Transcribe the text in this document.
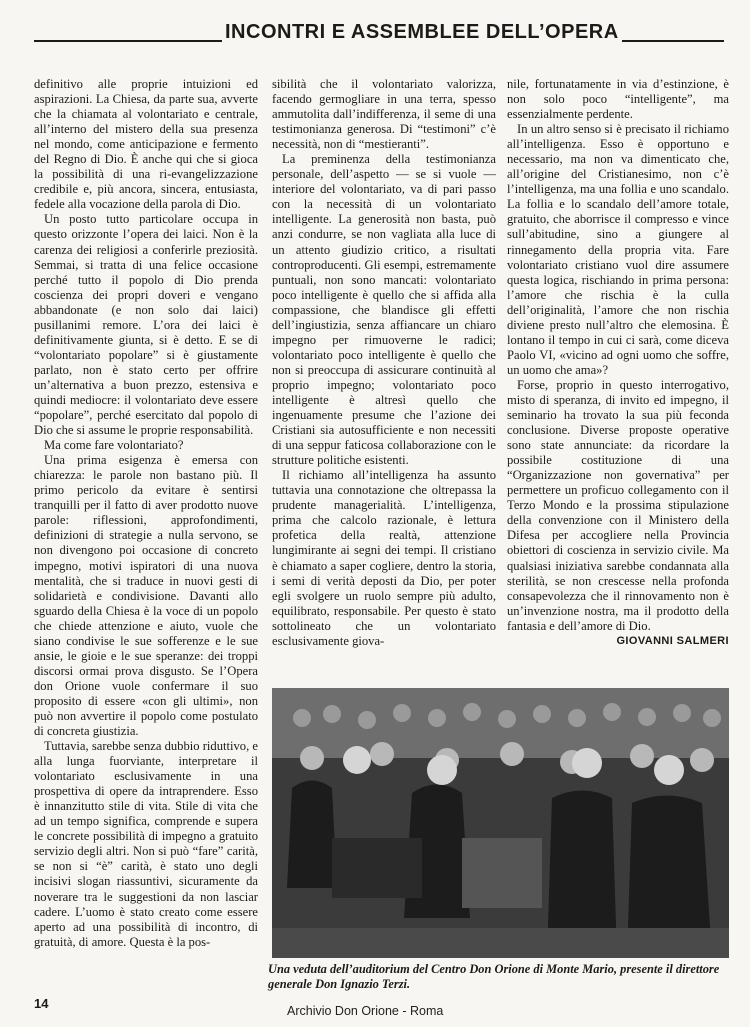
INCONTRI E ASSEMBLEE DELL’OPERA

definitivo alle proprie intuizioni ed aspirazioni. La Chiesa, da parte sua, avverte che la chiamata al volontariato e centrale, all’interno del mistero della sua presenza nel mondo, come anticipazione e fermento del Regno di Dio. È anche qui che si gioca la possibilità di una ri-evangelizzazione credibile e, più ancora, sincera, entusiasta, fedele alla vocazione della parola di Dio.

Un posto tutto particolare occupa in questo orizzonte l’opera dei laici. Non è la carenza dei religiosi a conferirle preziosità. Semmai, si tratta di una felice occasione perché tutto il popolo di Dio prenda coscienza dei propri doveri e vengano abbandonate (e non solo dai laici) pusillanimi remore. L’ora dei laici è definitivamente giunta, si è detto. E se di “volontariato popolare” si è giustamente parlato, non è stato certo per offrire un’alternativa a buon prezzo, estensiva e quindi mediocre: il volontariato deve essere “popolare”, perché esercitato dal popolo di Dio che si assume le proprie responsabilità.

Ma come fare volontariato?

Una prima esigenza è emersa con chiarezza: le parole non bastano più. Il primo pericolo da evitare è sentirsi tranquilli per il fatto di aver prodotto nuove parole: riflessioni, approfondimenti, definizioni di strategie a nulla servono, se non divengono poi occasione di concreto impegno, motivi ispiratori di una nuova mentalità, che si traduce in nuovi gesti di solidarietà e condivisione. Davanti allo sguardo della Chiesa è la voce di un popolo che chiede attenzione e aiuto, vuole che siano condivise le sue sofferenze e le sue ansie, le gioie e le sue speranze: dei troppi discorsi ormai prova disgusto. Se l’Opera don Orione vuole confermare il suo proposito di essere «con gli ultimi», non può non avvertire il popolo come postulato di concreta giustizia.

Tuttavia, sarebbe senza dubbio riduttivo, e alla lunga fuorviante, interpretare il volontariato esclusivamente in una prospettiva di opere da intraprendere. Esso è innanzitutto stile di vita. Stile di vita che ad un tempo significa, comprende e supera le concrete possibilità di impegno a gratuito servizio degli altri. Non si può “fare” carità, se non si “è” carità, è stato uno degli incisivi slogan riassuntivi, sicuramente da noverare tra le suggestioni da non lasciar cadere. L’uomo è stato creato come essere aperto ad una possibilità di incontro, di gratuità, di amore. Questa è la pos-

sibilità che il volontariato valorizza, facendo germogliare in una terra, spesso ammutolita dall’indifferenza, il seme di una testimonianza generosa. Di “testimoni” c’è necessità, non di “mestieranti”.

La preminenza della testimonianza personale, dell’aspetto — se si vuole — interiore del volontariato, va di pari passo con la necessità di un volontariato intelligente. La generosità non basta, può anzi condurre, se non vagliata alla luce di un attento giudizio critico, a risultati controproducenti. Gli esempi, estremamente puntuali, non sono mancati: volontariato poco intelligente è quello che si affida alla compassione, che blandisce gli effetti dell’ingiustizia, senza affiancare un chiaro impegno per rimuoverne le radici; volontariato poco intelligente è quello che non si preoccupa di assicurare continuità al proprio impegno; volontariato poco intelligente è altresì quello che ingenuamente presume che l’azione dei Cristiani sia autosufficiente e non necessiti di una seppur faticosa collaborazione con le strutture politiche esistenti.

Il richiamo all’intelligenza ha assunto tuttavia una connotazione che oltrepassa la prudente managerialità. L’intelligenza, prima che calcolo razionale, è lettura profetica della realtà, attenzione lungimirante ai segni dei tempi. Il cristiano è chiamato a saper cogliere, dentro la storia, i semi di verità deposti da Dio, per poter egli svolgere un ruolo sempre più adulto, equilibrato, responsabile. Per questo è stato sottolineato che un volontariato esclusivamente giova-

nile, fortunatamente in via d’estinzione, è non solo poco “intelligente”, ma essenzialmente perdente.

In un altro senso si è precisato il richiamo all’intelligenza. Esso è opportuno e necessario, ma non va dimenticato che, all’origine del Cristianesimo, non c’è l’intelligenza, ma una follia e uno scandalo. La follia e lo scandalo dell’amore totale, gratuito, che aborrisce il compresso e vince sull’abitudine, sino a giungere al rinnegamento della propria vita. Fare volontariato cristiano vuol dire assumere questa logica, rischiando in prima persona: l’amore che rischia è la culla dell’originalità, l’amore che non rischia diviene presto null’altro che elemosina. È lontano il tempo in cui ci sarà, come diceva Paolo VI, «vicino ad ogni uomo che soffre, un uomo che ama»?

Forse, proprio in questo interrogativo, misto di speranza, di invito ed impegno, il seminario ha trovato la sua più feconda conclusione. Diverse proposte operative sono state annunciate: da ricordare la possibile costituzione di una “Organizzazione non governativa” per permettere un proficuo collegamento con il Terzo Mondo e la prossima stipulazione della convenzione con il Ministero della Difesa per accogliere nella Provincia obiettori di coscienza in servizio civile. Ma qualsiasi iniziativa sarebbe condannata alla sterilità, se non crescesse nella profonda consapevolezza che il rinnovamento non è un’invenzione nostra, ma il prodotto della fantasia e dell’amore di Dio.

GIOVANNI SALMERI

Una veduta dell’auditorium del Centro Don Orione di Monte Mario, presente il direttore generale Don Ignazio Terzi.
14	Archivio Don Orione - Roma
